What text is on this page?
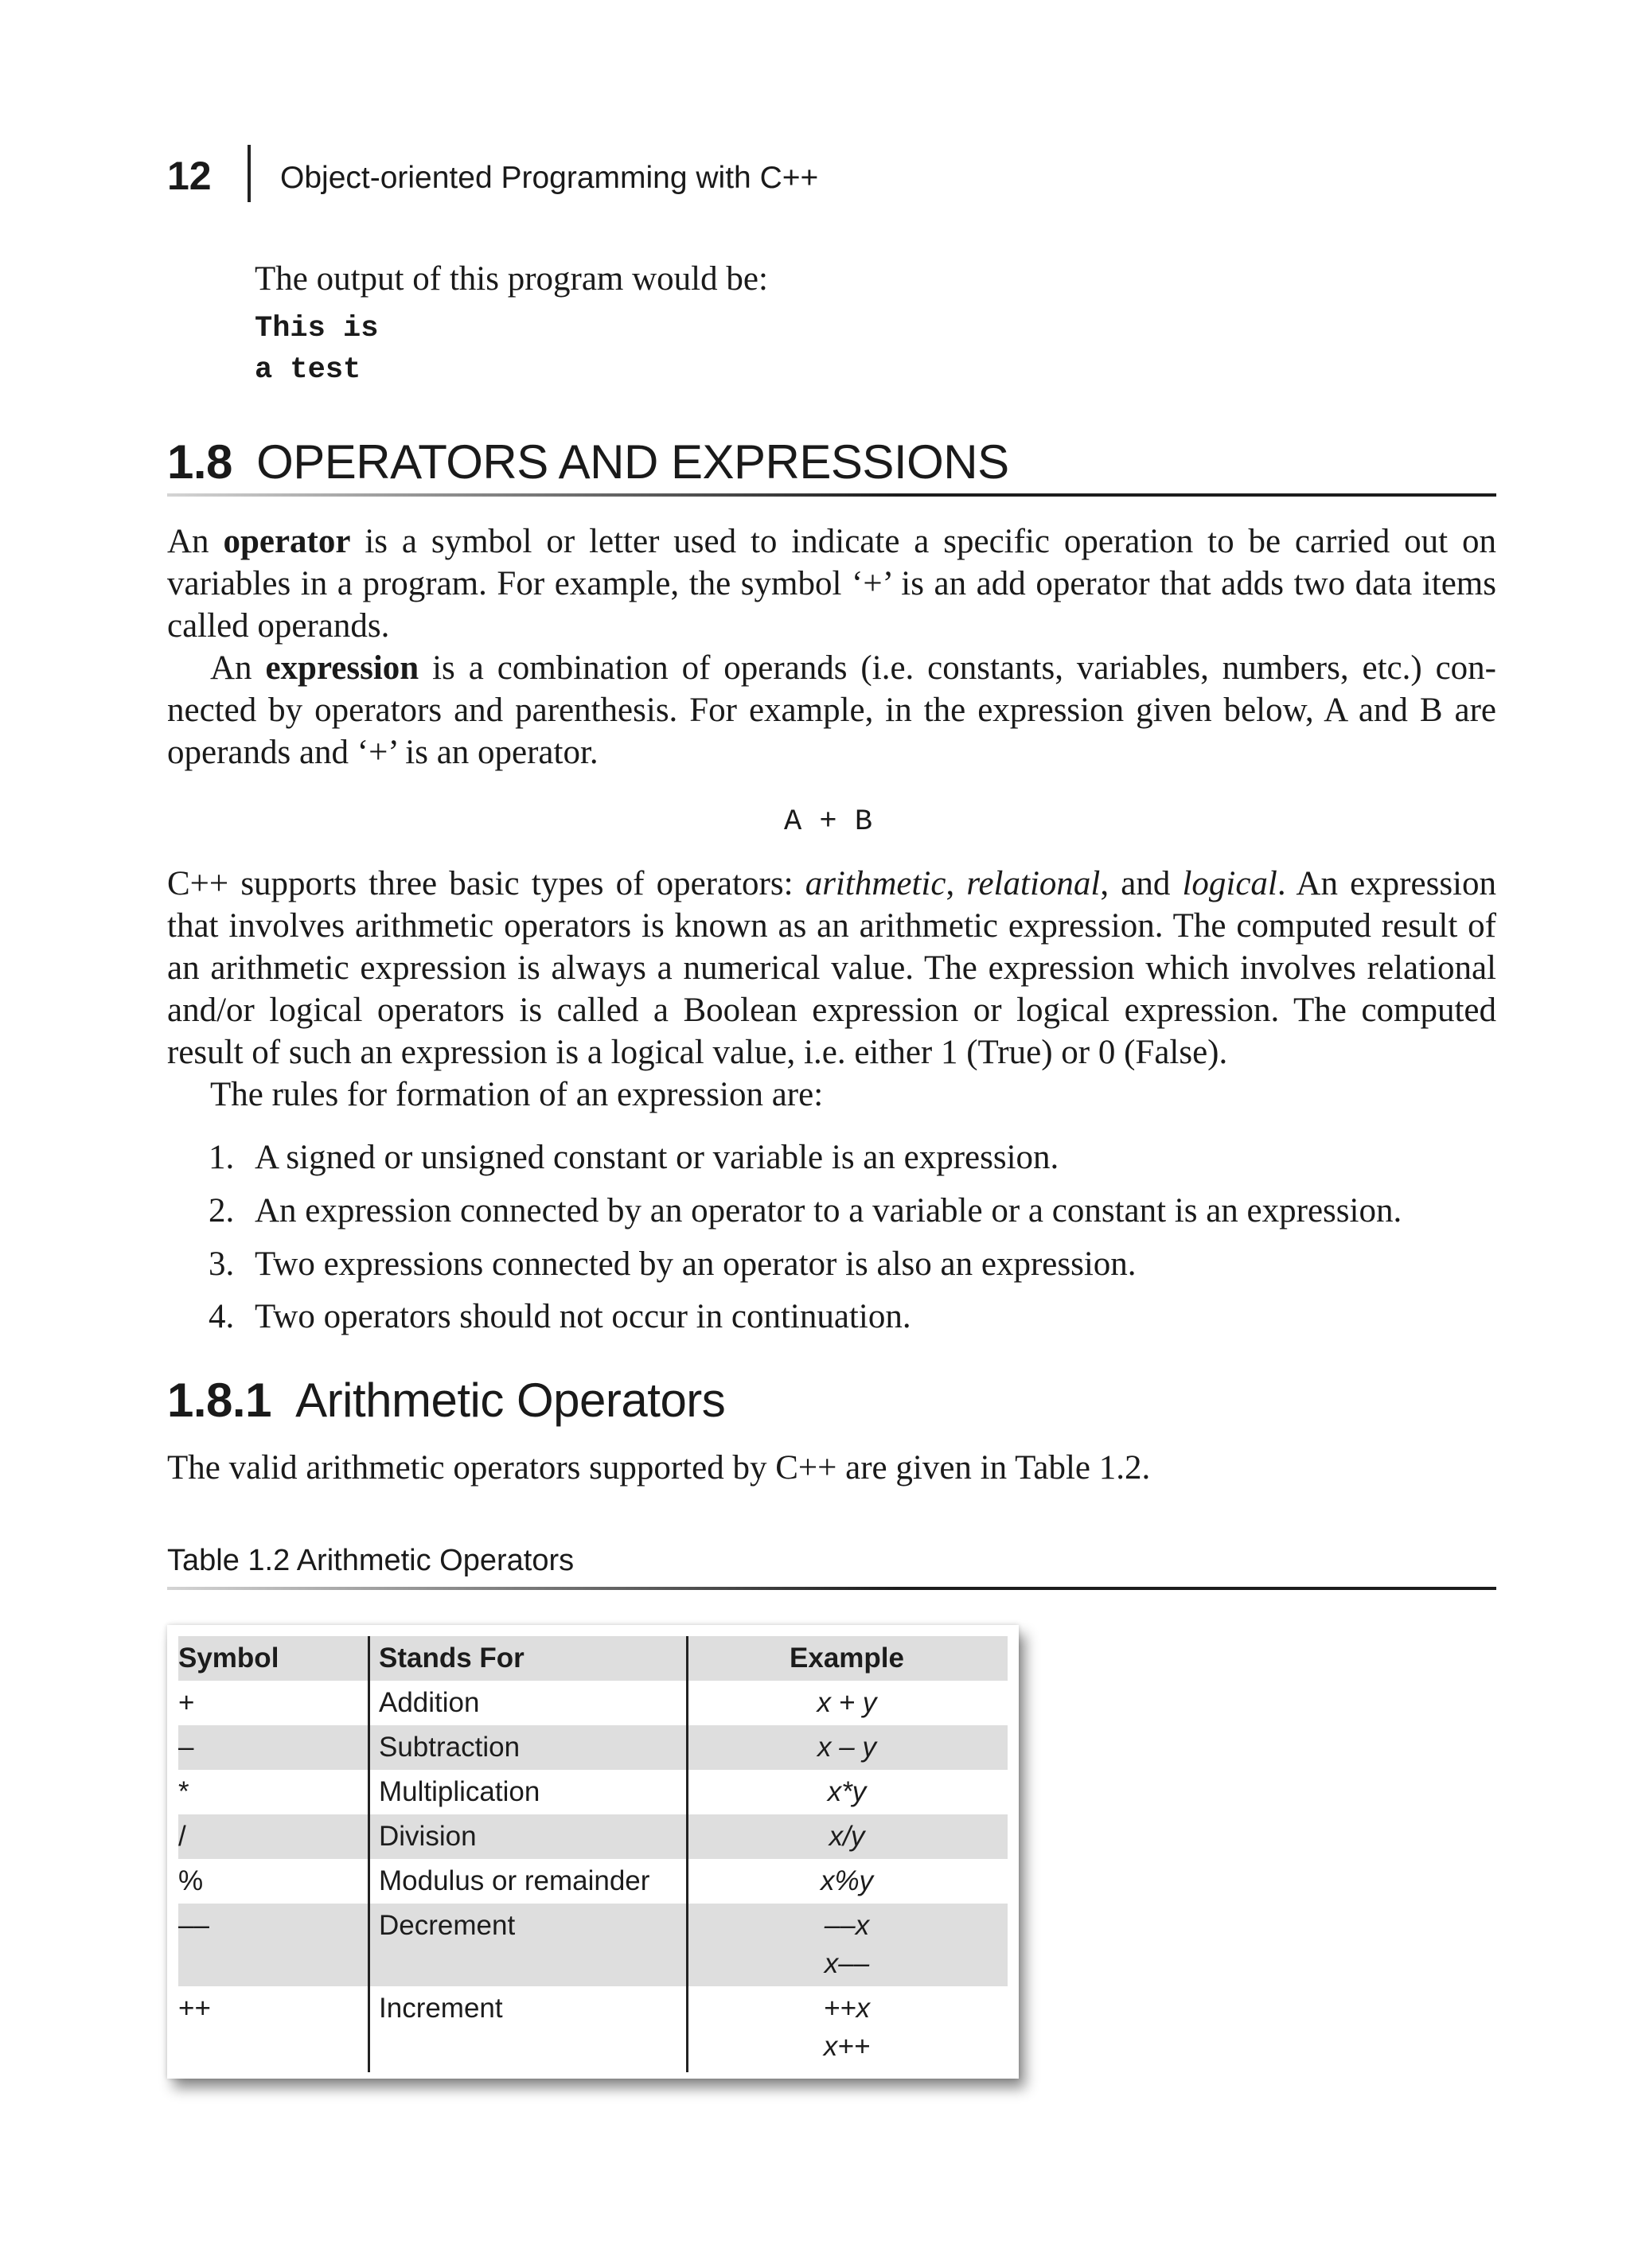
12 Object-oriented Programming with C++
The output of this program would be:
This is
a test
1.8 OPERATORS AND EXPRESSIONS
An operator is a symbol or letter used to indicate a specific operation to be carried out on
variables in a program. For example, the symbol ‘+’ is an add operator that adds two data items
called operands.
An expression is a combination of operands (i.e. constants, variables, numbers, etc.) con-
nected by operators and parenthesis. For example, in the expression given below, A and B are
operands and ‘+’ is an operator.
A + B
C++ supports three basic types of operators: arithmetic, relational, and logical. An expression
that involves arithmetic operators is known as an arithmetic expression. The computed result of
an arithmetic expression is always a numerical value. The expression which involves relational
and/or logical operators is called a Boolean expression or logical expression. The computed
result of such an expression is a logical value, i.e. either 1 (True) or 0 (False).
The rules for formation of an expression are:
1. A signed or unsigned constant or variable is an expression.
2. An expression connected by an operator to a variable or a constant is an expression.
3. Two expressions connected by an operator is also an expression.
4. Two operators should not occur in continuation.
1.8.1 Arithmetic Operators
The valid arithmetic operators supported by C++ are given in Table 1.2.
Table 1.2 Arithmetic Operators
Symbol	Stands For	Example
+	Addition	x + y
–	Subtraction	x – y
*	Multiplication	x*y
/	Division	x/y
%	Modulus or remainder	x%y
––	Decrement	––x
x––
++	Increment	++x
x++
